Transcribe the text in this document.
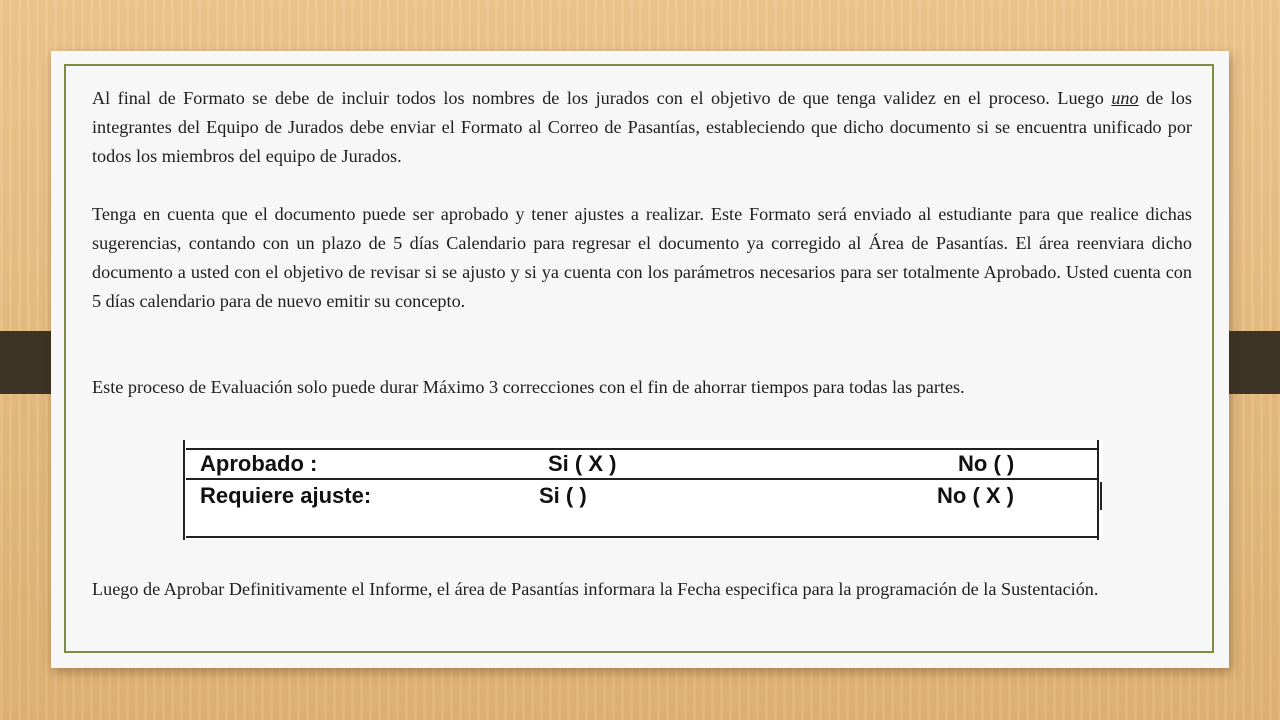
Al final de Formato se debe de incluir todos los nombres de los jurados con el objetivo de que tenga validez en el proceso. Luego uno de los integrantes del Equipo de Jurados debe enviar el Formato al Correo de Pasantías, estableciendo que dicho documento si se encuentra unificado por todos los miembros del equipo de Jurados.

Tenga en cuenta que el documento puede ser aprobado y tener ajustes a realizar. Este Formato será enviado al estudiante para que realice dichas sugerencias, contando con un plazo de 5 días Calendario para regresar el documento ya corregido al Área de Pasantías. El área reenviara dicho documento a usted con el objetivo de revisar si se ajusto y si ya cuenta con los parámetros necesarios para ser totalmente Aprobado. Usted cuenta con 5 días calendario para de nuevo emitir su concepto.

Este proceso de Evaluación solo puede durar Máximo 3 correcciones con el fin de ahorrar tiempos para todas las partes.

Aprobado :	Si ( X )	No ( )
Requiere ajuste:	Si ( )	No ( X )

Luego de Aprobar Definitivamente el Informe, el área de Pasantías informara la Fecha especifica para la programación de la Sustentación.
